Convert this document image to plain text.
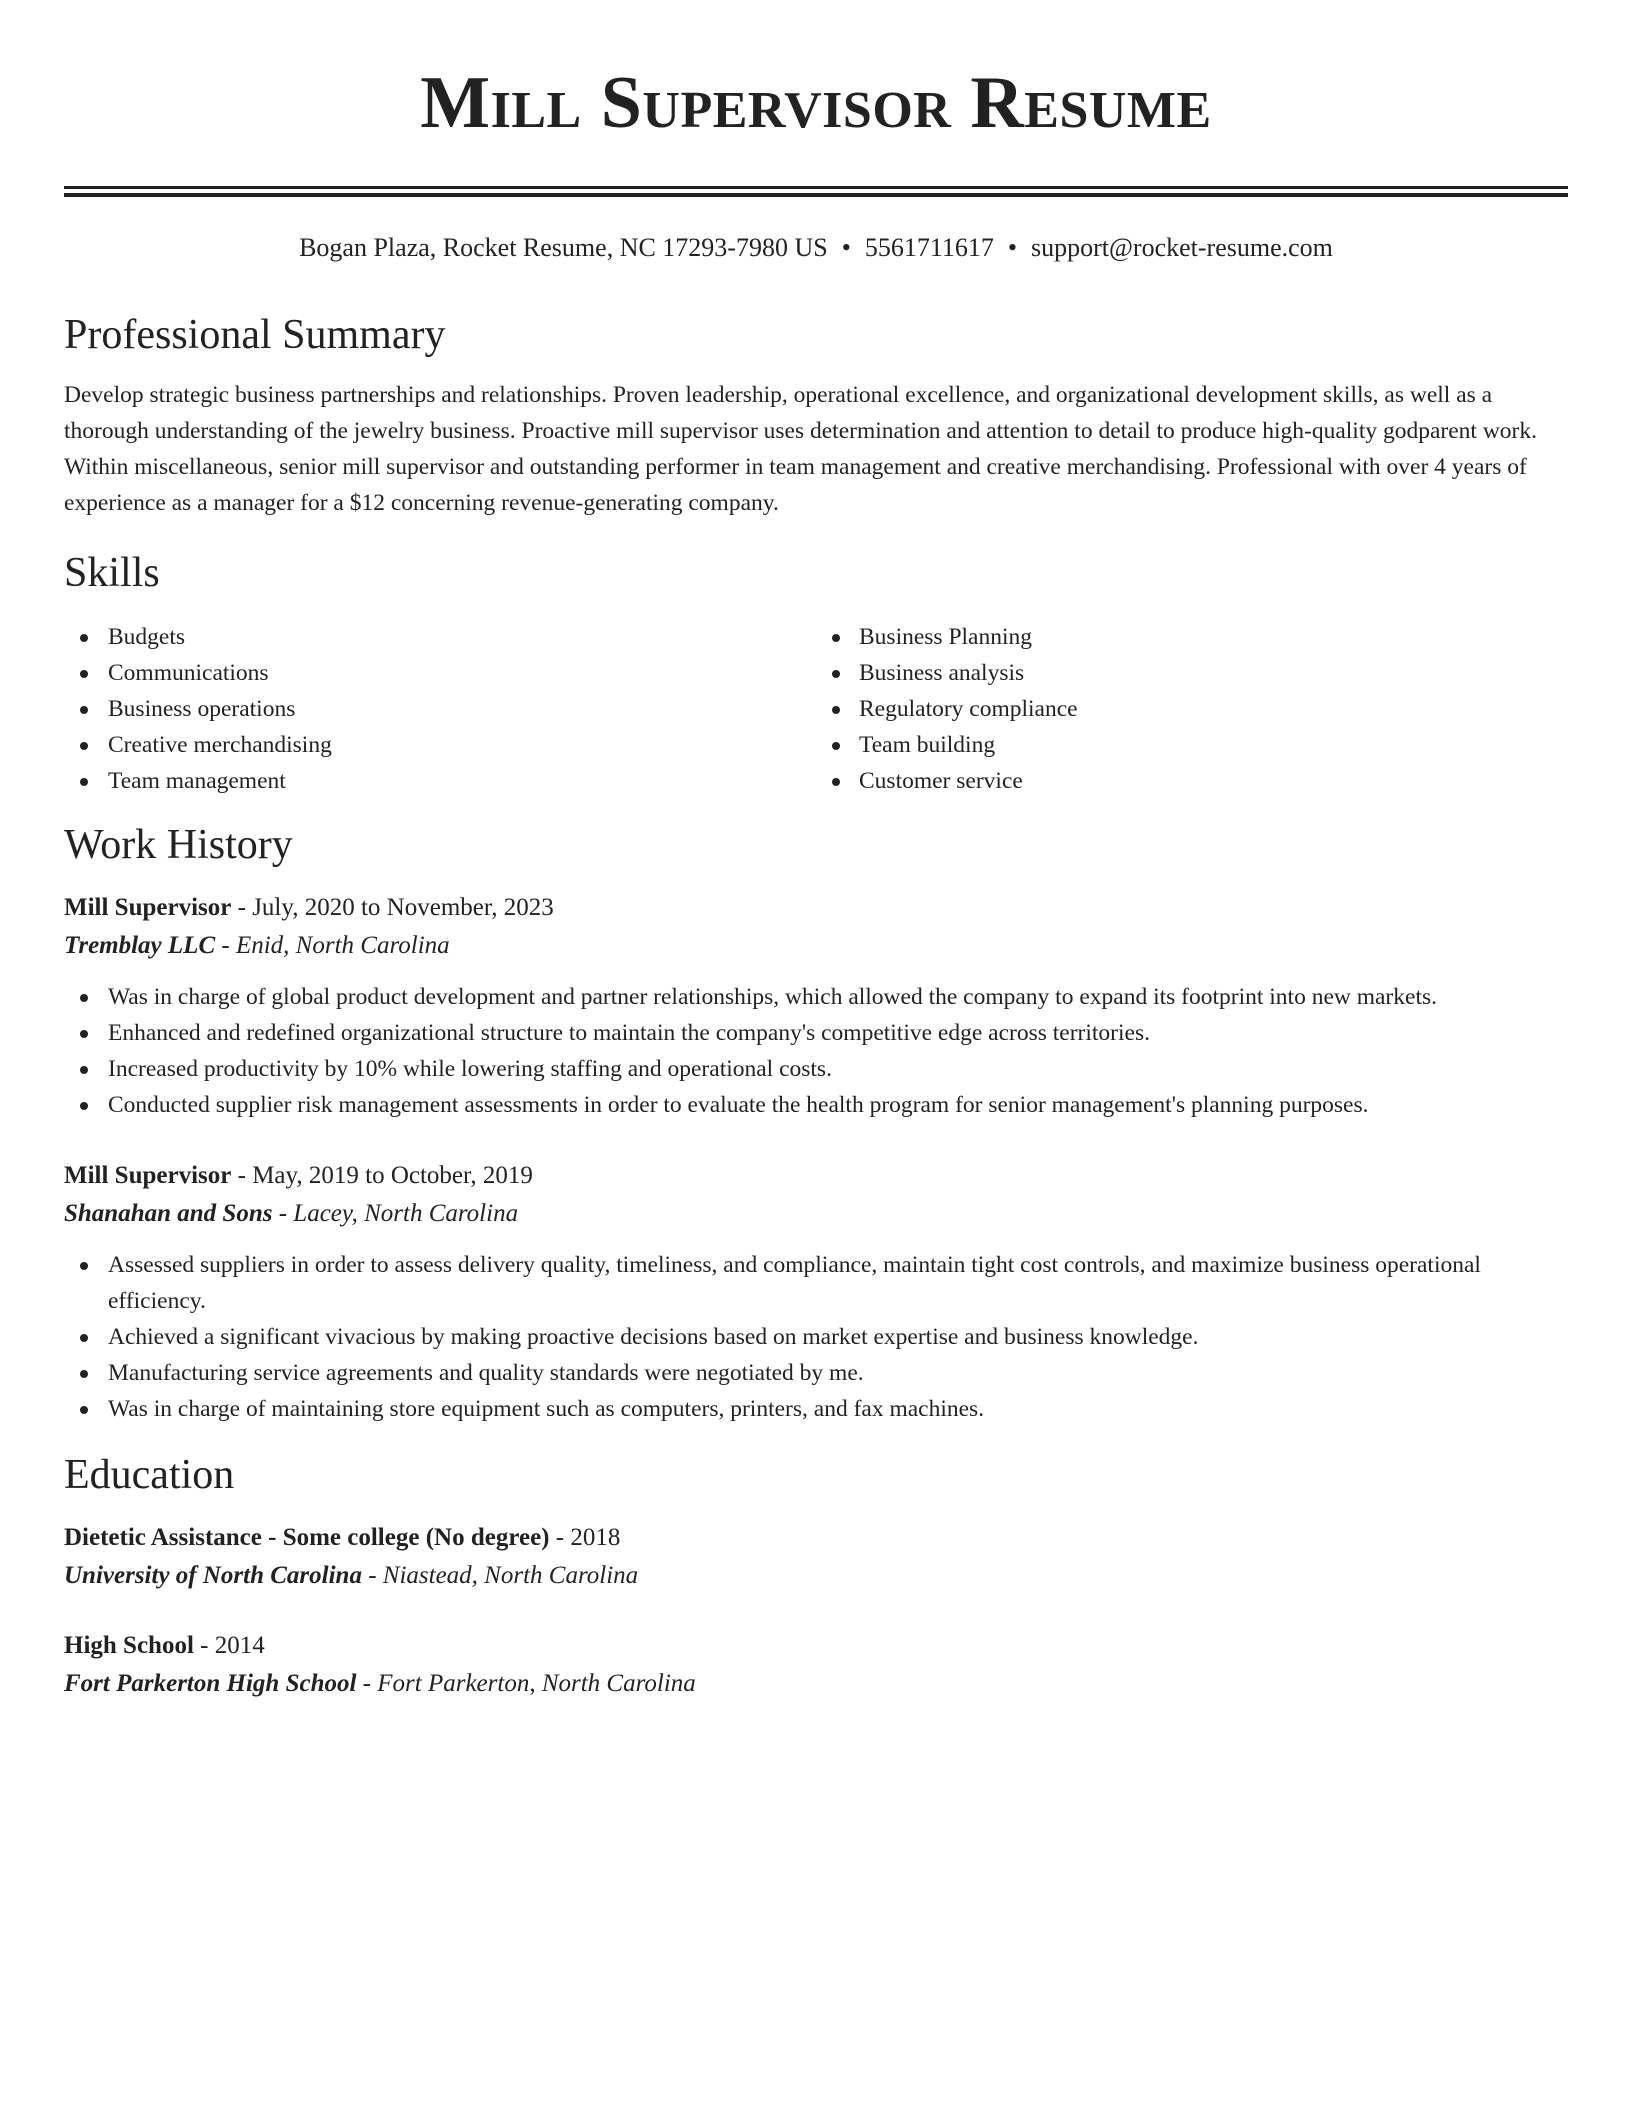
Mill Supervisor Resume
Bogan Plaza, Rocket Resume, NC 17293-7980 US • 5561711617 • support@rocket-resume.com
Professional Summary

Develop strategic business partnerships and relationships. Proven leadership, operational excellence, and organizational development skills, as well as a thorough understanding of the jewelry business. Proactive mill supervisor uses determination and attention to detail to produce high-quality godparent work. Within miscellaneous, senior mill supervisor and outstanding performer in team management and creative merchandising. Professional with over 4 years of experience as a manager for a $12 concerning revenue-generating company.

Skills
Budgets
Communications
Business operations
Creative merchandising
Team management
Business Planning
Business analysis
Regulatory compliance
Team building
Customer service
Work History
Mill Supervisor - July, 2020 to November, 2023
Tremblay LLC - Enid, North Carolina
Was in charge of global product development and partner relationships, which allowed the company to expand its footprint into new markets.
Enhanced and redefined organizational structure to maintain the company's competitive edge across territories.
Increased productivity by 10% while lowering staffing and operational costs.
Conducted supplier risk management assessments in order to evaluate the health program for senior management's planning purposes.
Mill Supervisor - May, 2019 to October, 2019
Shanahan and Sons - Lacey, North Carolina
Assessed suppliers in order to assess delivery quality, timeliness, and compliance, maintain tight cost controls, and maximize business operational efficiency.
Achieved a significant vivacious by making proactive decisions based on market expertise and business knowledge.
Manufacturing service agreements and quality standards were negotiated by me.
Was in charge of maintaining store equipment such as computers, printers, and fax machines.
Education
Dietetic Assistance - Some college (No degree) - 2018
University of North Carolina - Niastead, North Carolina
High School - 2014
Fort Parkerton High School - Fort Parkerton, North Carolina
